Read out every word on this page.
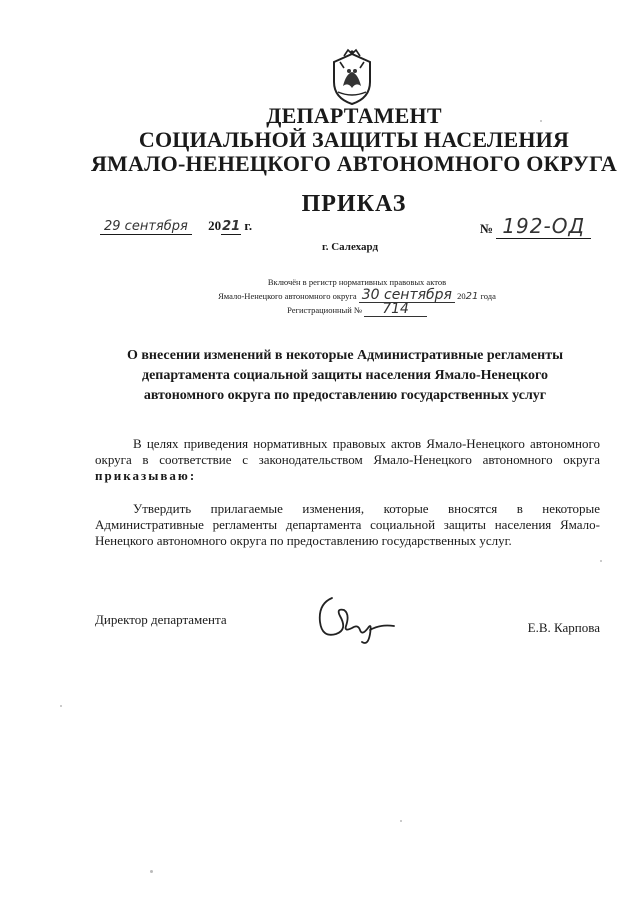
ДЕПАРТАМЕНТ
СОЦИАЛЬНОЙ ЗАЩИТЫ НАСЕЛЕНИЯ
ЯМАЛО-НЕНЕЦКОГО АВТОНОМНОГО ОКРУГА
ПРИКАЗ
29 сентября 2021 г.	№ 192-ОД
г. Салехард
Включён в регистр нормативных правовых актов
Ямало-Ненецкого автономного округа 30 сентября 2021 года
Регистрационный № 714
О внесении изменений в некоторые Административные регламенты департамента социальной защиты населения Ямало-Ненецкого автономного округа по предоставлению государственных услуг
В целях приведения нормативных правовых актов Ямало-Ненецкого автономного округа в соответствие с законодательством Ямало-Ненецкого автономного округа приказываю:
Утвердить прилагаемые изменения, которые вносятся в некоторые Административные регламенты департамента социальной защиты населения Ямало-Ненецкого автономного округа по предоставлению государственных услуг.
Директор департамента
Е.В. Карпова
